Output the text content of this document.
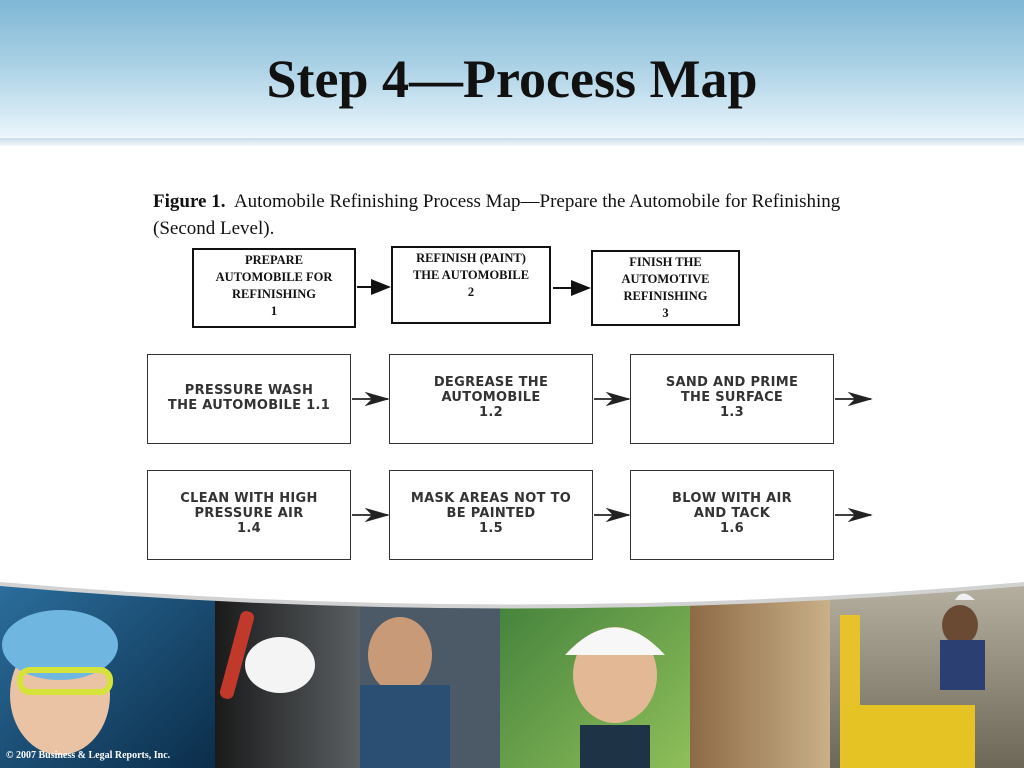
Step 4—Process Map
Figure 1. Automobile Refinishing Process Map—Prepare the Automobile for Refinishing (Second Level).
PREPARE
AUTOMOBILE FOR
REFINISHING
1
REFINISH (PAINT)
THE AUTOMOBILE
2
FINISH THE
AUTOMOTIVE
REFINISHING
3
PRESSURE WASH
THE AUTOMOBILE 1.1
DEGREASE THE
AUTOMOBILE
1.2
SAND AND PRIME
THE SURFACE
1.3
CLEAN WITH HIGH
PRESSURE AIR
1.4
MASK AREAS NOT TO
BE PAINTED
1.5
BLOW WITH AIR
AND TACK
1.6
© 2007 Business & Legal Reports, Inc.
